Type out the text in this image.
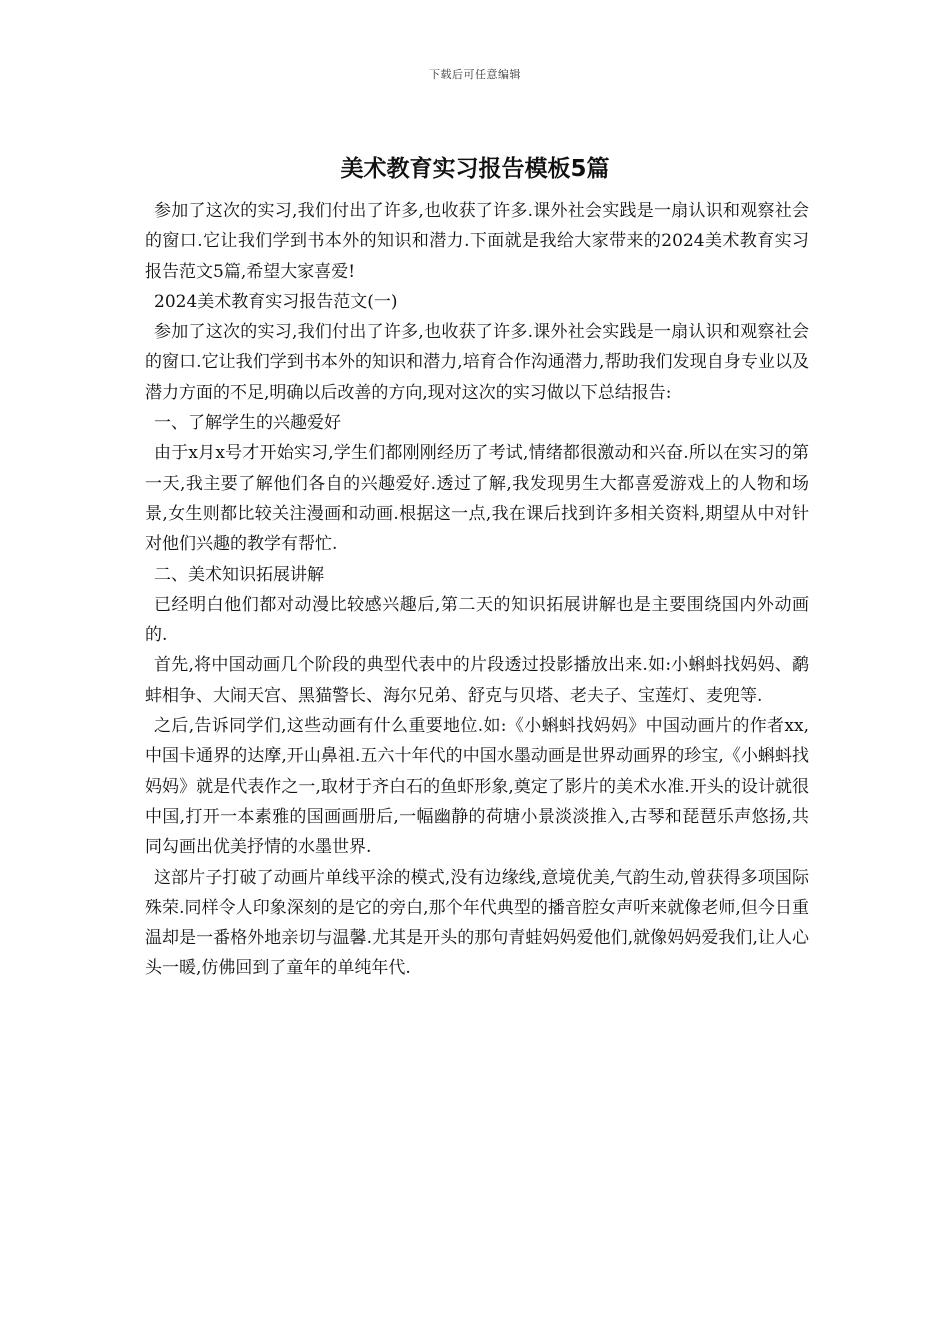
下载后可任意编辑
美术教育实习报告模板5篇

参加了这次的实习,我们付出了许多,也收获了许多.课外社会实践是一扇认识和观察社会的窗口.它让我们学到书本外的知识和潜力.下面就是我给大家带来的2024美术教育实习报告范文5篇,希望大家喜爱!

2024美术教育实习报告范文(一)

参加了这次的实习,我们付出了许多,也收获了许多.课外社会实践是一扇认识和观察社会的窗口.它让我们学到书本外的知识和潜力,培育合作沟通潜力,帮助我们发现自身专业以及潜力方面的不足,明确以后改善的方向,现对这次的实习做以下总结报告:

一、了解学生的兴趣爱好

由于x月x号才开始实习,学生们都刚刚经历了考试,情绪都很激动和兴奋.所以在实习的第一天,我主要了解他们各自的兴趣爱好.透过了解,我发现男生大都喜爱游戏上的人物和场景,女生则都比较关注漫画和动画.根据这一点,我在课后找到许多相关资料,期望从中对针对他们兴趣的教学有帮忙.

二、美术知识拓展讲解

已经明白他们都对动漫比较感兴趣后,第二天的知识拓展讲解也是主要围绕国内外动画的.

首先,将中国动画几个阶段的典型代表中的片段透过投影播放出来.如:小蝌蚪找妈妈、鹬蚌相争、大闹天宫、黑猫警长、海尔兄弟、舒克与贝塔、老夫子、宝莲灯、麦兜等.

之后,告诉同学们,这些动画有什么重要地位.如:《小蝌蚪找妈妈》中国动画片的作者xx,中国卡通界的达摩,开山鼻祖.五六十年代的中国水墨动画是世界动画界的珍宝,《小蝌蚪找妈妈》就是代表作之一,取材于齐白石的鱼虾形象,奠定了影片的美术水准.开头的设计就很中国,打开一本素雅的国画画册后,一幅幽静的荷塘小景淡淡推入,古琴和琵琶乐声悠扬,共同勾画出优美抒情的水墨世界.

这部片子打破了动画片单线平涂的模式,没有边缘线,意境优美,气韵生动,曾获得多项国际殊荣.同样令人印象深刻的是它的旁白,那个年代典型的播音腔女声听来就像老师,但今日重温却是一番格外地亲切与温馨.尤其是开头的那句青蛙妈妈爱他们,就像妈妈爱我们,让人心头一暖,仿佛回到了童年的单纯年代.
